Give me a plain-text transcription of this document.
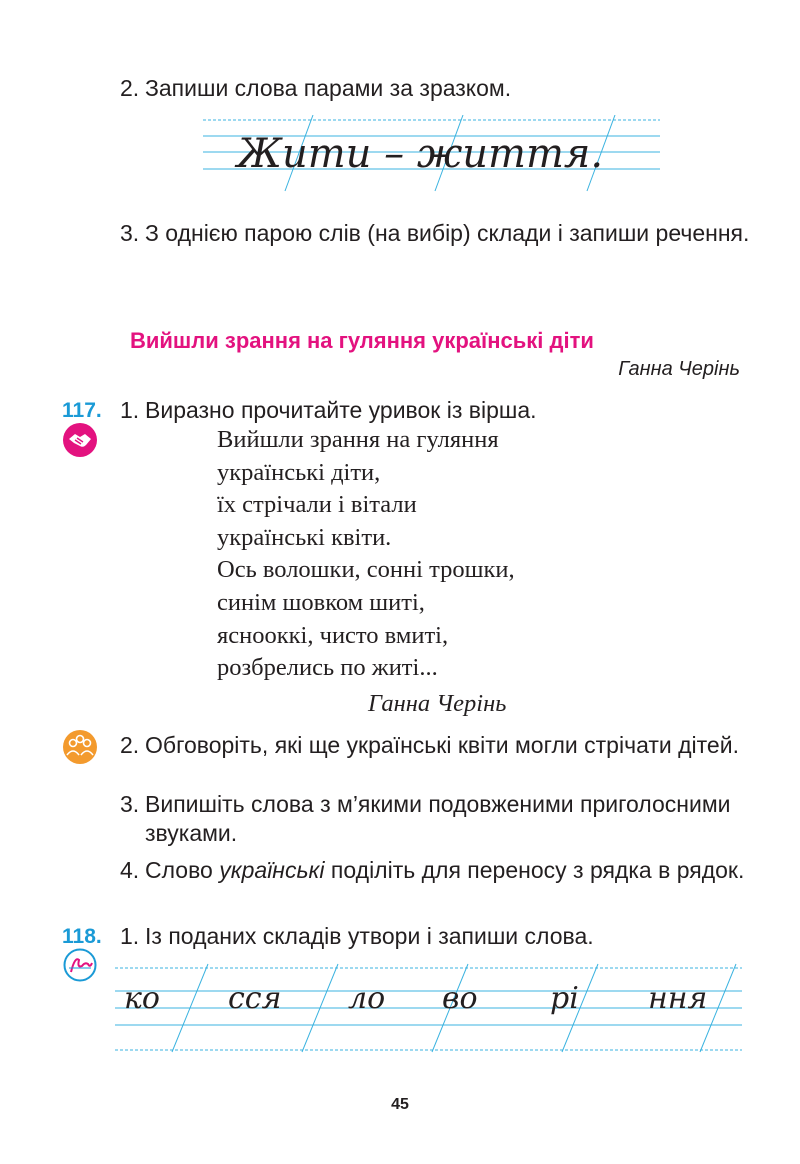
2. Запиши слова парами за зразком.
Жити – життя.
3. З однією парою слів (на вибір) склади і запиши речення.
Вийшли зрання на гуляння українські діти
Ганна Черінь
117. 1. Виразно прочитайте уривок із вірша.
Вийшли зрання на гуляння
українські діти,
їх стрічали і вітали
українські квіти.
Ось волошки, сонні трошки,
синім шовком шиті,
яснооккі, чисто вмиті,
розбрелись по житі...
Ганна Черінь
2. Обговоріть, які ще українські квіти могли стрічати дітей.
3. Випишіть слова з м’якими подовженими приголосними звуками.
4. Слово українські поділіть для переносу з рядка в рядок.
118. 1. Із поданих складів утвори і запиши слова.
ко сся ло во рі ння
45
